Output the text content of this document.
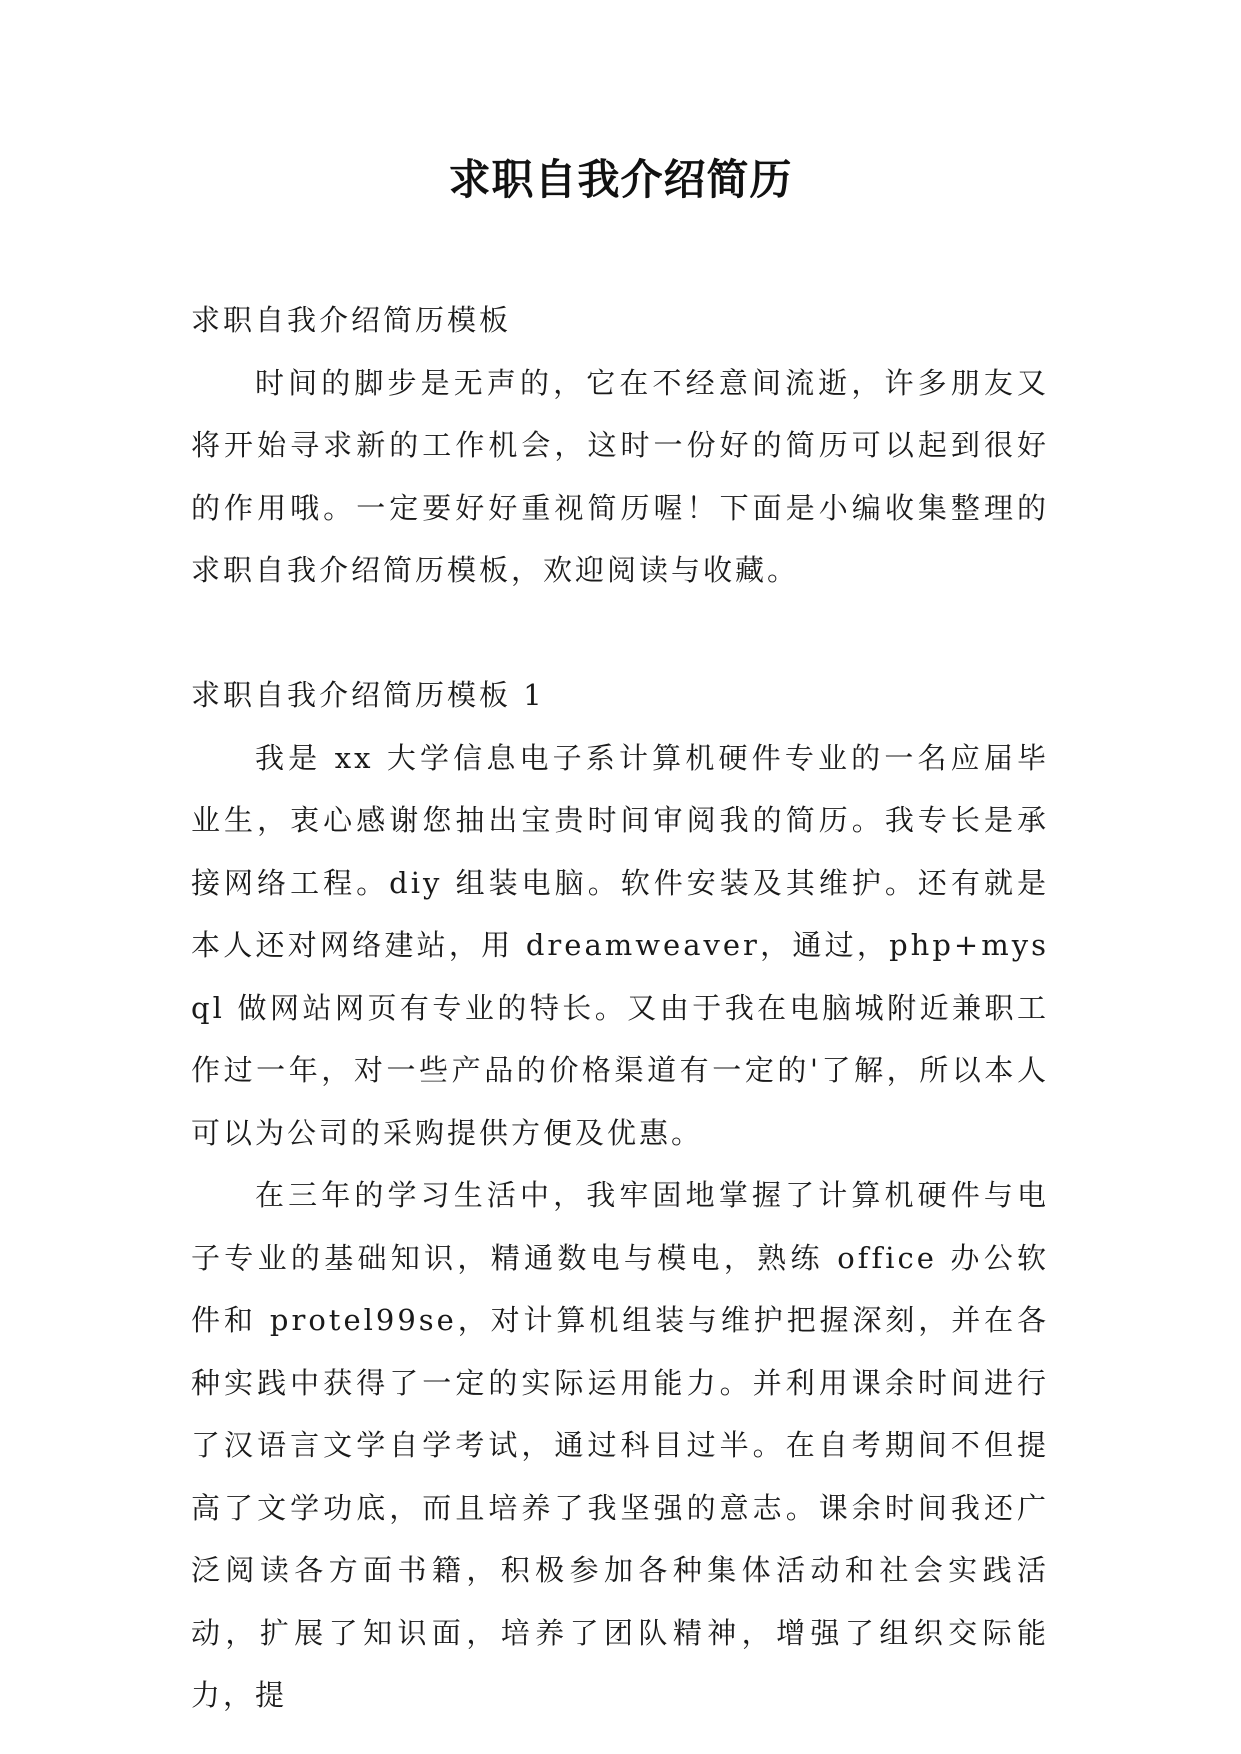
求职自我介绍简历

求职自我介绍简历模板

时间的脚步是无声的，它在不经意间流逝，许多朋友又将开始寻求新的工作机会，这时一份好的简历可以起到很好的作用哦。一定要好好重视简历喔！下面是小编收集整理的求职自我介绍简历模板，欢迎阅读与收藏。

求职自我介绍简历模板 1

我是 xx 大学信息电子系计算机硬件专业的一名应届毕业生，衷心感谢您抽出宝贵时间审阅我的简历。我专长是承接网络工程。diy 组装电脑。软件安装及其维护。还有就是本人还对网络建站，用 dreamweaver，通过，php+mysql 做网站网页有专业的特长。又由于我在电脑城附近兼职工作过一年，对一些产品的价格渠道有一定的'了解，所以本人可以为公司的采购提供方便及优惠。

在三年的学习生活中，我牢固地掌握了计算机硬件与电子专业的基础知识，精通数电与模电，熟练 office 办公软件和 protel99se，对计算机组装与维护把握深刻，并在各种实践中获得了一定的实际运用能力。并利用课余时间进行了汉语言文学自学考试，通过科目过半。在自考期间不但提高了文学功底，而且培养了我坚强的意志。课余时间我还广泛阅读各方面书籍，积极参加各种集体活动和社会实践活动，扩展了知识面，培养了团队精神，增强了组织交际能力，提
